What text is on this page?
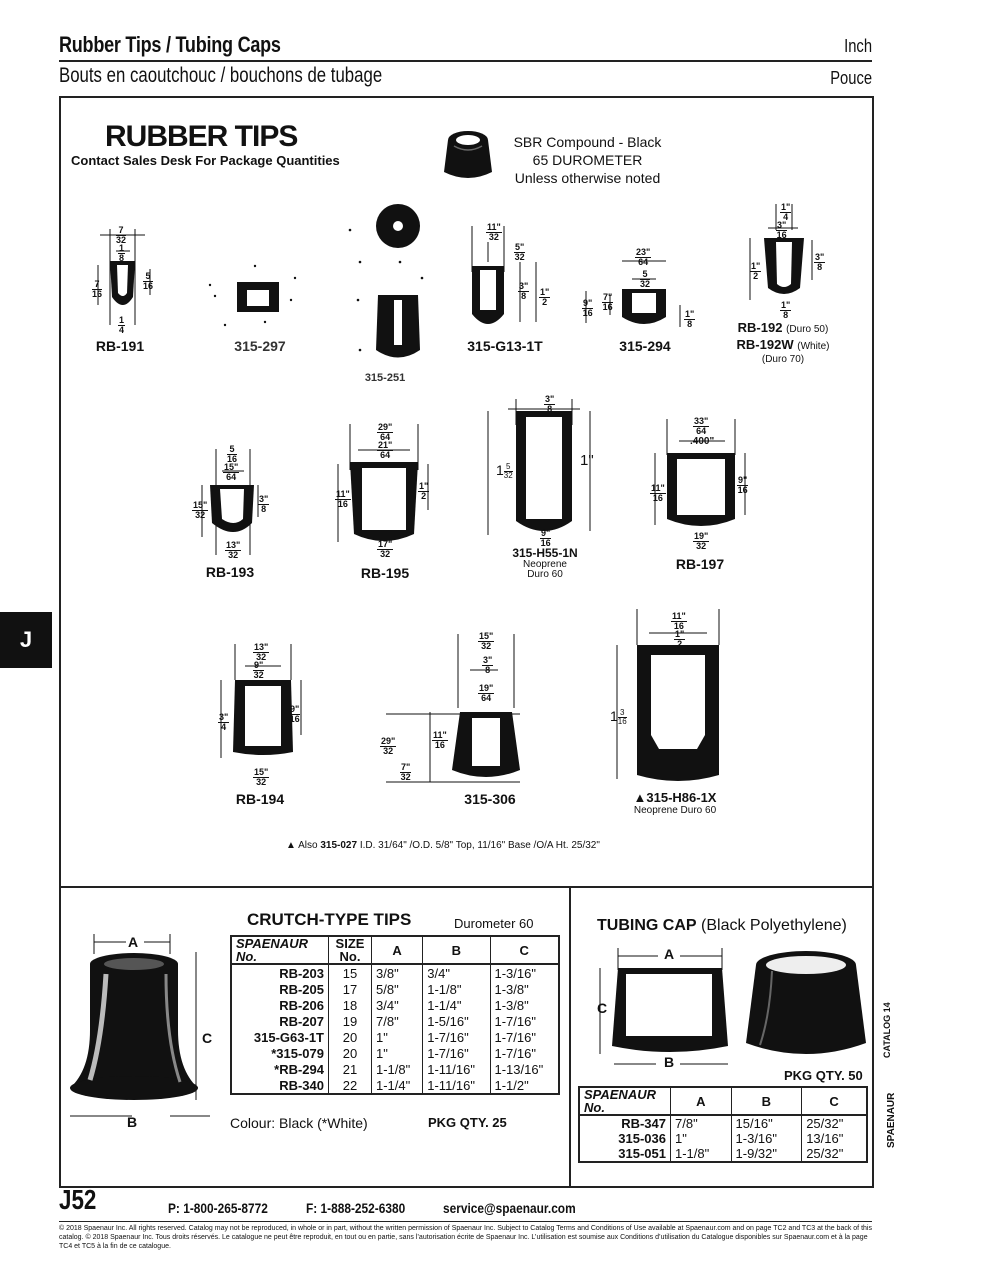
Rubber Tips / Tubing Caps	Inch
Bouts en caoutchouc / bouchons de tubage	Pouce
J
RUBBER TIPS
Contact Sales Desk For Package Quantities
SBR Compound - Black
65 DUROMETER
Unless otherwise noted
$\frac{7}{32}$
$\frac{1}{8}$
$\frac{7}{16}$	$\frac{5}{16}$
$\frac{1}{4}$
RB-191	315-297
315-251
$\frac{11"}{32}$
$\frac{5"}{32}$
$\frac{3"}{8} \frac{1"}{2}$
315-G13-1T
$\frac{23"}{64}$
$\frac{5}{32}$
$\frac{9"}{16} \frac{7"}{16}$
$\frac{1"}{8}$
315-294
$\frac{1"}{4}$
$\frac{3"}{16}$
$\frac{1"}{2}$	$\frac{3"}{8}$
$\frac{1"}{8}$
RB-192 (Duro 50)
RB-192W (White)
(Duro 70)
$\frac{5}{16}$
$\frac{15"}{64}$
$\frac{15"}{32}$	$\frac{3"}{8}$
$\frac{13"}{32}$
RB-193
$\frac{29"}{64}$
$\frac{21"}{64}$
$\frac{11"}{16}$	$\frac{1"}{2}$
$\frac{17"}{32}$
RB-195
$\frac{3"}{8}$
1 5
32
1"
$\frac{9"}{16}$
315-H55-1N
Neoprene
Duro 60
$\frac{33"}{64}$
.400"
$\frac{11"}{16}$	$\frac{9"}{16}$
$\frac{19"}{32}$
RB-197
$\frac{13"}{32}$
$\frac{9"}{32}$
$\frac{3"}{4}$	$\frac{9"}{16}$
$\frac{15"}{32}$
RB-194
$\frac{15"}{32}$
$\frac{3"}{8}$
$\frac{19"}{64}$
$\frac{11"}{16}$
$\frac{29"}{32}$
$\frac{7"}{32}$
315-306
$\frac{11"}{16}$
$\frac{1"}{2}$
1 3
16
▲315-H86-1X
Neoprene Duro 60
▲ Also 315-027 I.D. 31/64" /O.D. 5/8" Top, 11/16" Base /O/A Ht. 25/32"
A
C
B
CRUTCH-TYPE TIPS	Durometer 60
SPAENAUR No.	SIZE No.	A	B	C
RB-203	15	3/8"	3/4"	1-3/16"
RB-205	17	5/8"	1-1/8"	1-3/8"
RB-206	18	3/4"	1-1/4"	1-3/8"
RB-207	19	7/8"	1-5/16"	1-7/16"
315-G63-1T	20	1"	1-7/16"	1-7/16"
*315-079	20	1"	1-7/16"	1-7/16"
*RB-294	21	1-1/8"	1-11/16"	1-13/16"
RB-340	22	1-1/4"	1-11/16"	1-1/2"
Colour: Black (*White)	PKG QTY. 25
TUBING CAP (Black Polyethylene)
A
C
B
PKG QTY. 50
SPAENAUR No.	A	B	C
RB-347	7/8"	15/16"	25/32"
315-036	1"	1-3/16"	13/16"
315-051	1-1/8"	1-9/32"	25/32"
CATALOG 14
SPAENAUR
J52	P: 1-800-265-8772	F: 1-888-252-6380	service@spaenaur.com
© 2018 Spaenaur Inc. All rights reserved. Catalog may not be reproduced, in whole or in part, without the written permission of Spaenaur Inc. Subject to Catalog Terms and Conditions of Use available at Spaenaur.com and on page TC2 and TC3 at the back of this catalog. © 2018 Spaenaur Inc. Tous droits réservés. Le catalogue ne peut être reproduit, en tout ou en partie, sans l’autorisation écrite de Spaenaur Inc. L’utilisation est soumise aux Conditions d’utilisation du Catalogue disponibles sur Spaenaur.com et à la page TC4 et TC5 à la fin de ce catalogue.
